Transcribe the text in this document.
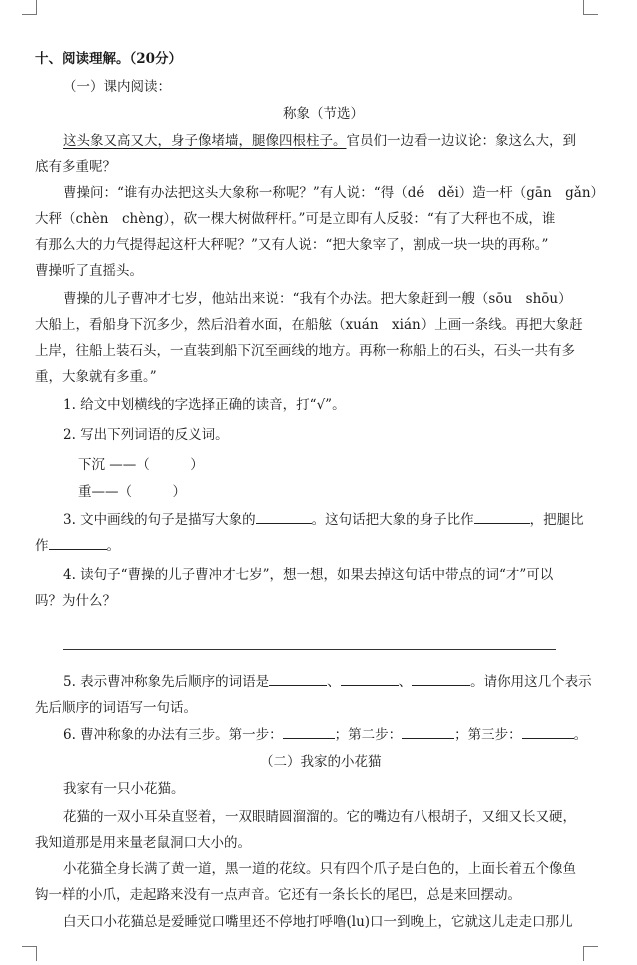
十、阅读理解。（20分）
（一）课内阅读：
称象（节选）
这头象又高又大，身子像堵墙，腿像四根柱子。官员们一边看一边议论：象这么大，到
底有多重呢？
曹操问：“谁有办法把这头大象称一称呢？”有人说：“得（dé　děi）造一杆（gān　gǎn）
大秤（chèn　chèng），砍一棵大树做秤杆。”可是立即有人反驳：“有了大秤也不成，谁
有那么大的力气提得起这杆大秤呢？”又有人说：“把大象宰了，割成一块一块的再称。”
曹操听了直摇头。
曹操的儿子曹冲才七岁，他站出来说：“我有个办法。把大象赶到一艘（sōu　shōu）
大船上，看船身下沉多少，然后沿着水面，在船舷（xuán　xián）上画一条线。再把大象赶
上岸，往船上装石头，一直装到船下沉至画线的地方。再称一称船上的石头，石头一共有多
重，大象就有多重。”
1. 给文中划横线的字选择正确的读音，打“√”。
2. 写出下列词语的反义词。
下沉 ——（　　　）
重——（　　　）
3. 文中画线的句子是描写大象的	。这句话把大象的身子比作	，把腿比
作	。
4. 读句子“曹操的儿子曹冲才七岁”，想一想，如果去掉这句话中带点的词“才”可以
吗？为什么？
5. 表示曹冲称象先后顺序的词语是	、	、	。请你用这几个表示
先后顺序的词语写一句话。
6. 曹冲称象的办法有三步。第一步：	；第二步：	；第三步：	。
（二）我家的小花猫
我家有一只小花猫。
花猫的一双小耳朵直竖着，一双眼睛圆溜溜的。它的嘴边有八根胡子，又细又长又硬，
我知道那是用来量老鼠洞口大小的。
小花猫全身长满了黄一道，黑一道的花纹。只有四个爪子是白色的，上面长着五个像鱼
钩一样的小爪，走起路来没有一点声音。它还有一条长长的尾巴，总是来回摆动。
白天口小花猫总是爱睡觉口嘴里还不停地打呼噜(lu)口一到晚上，它就这儿走走口那儿
